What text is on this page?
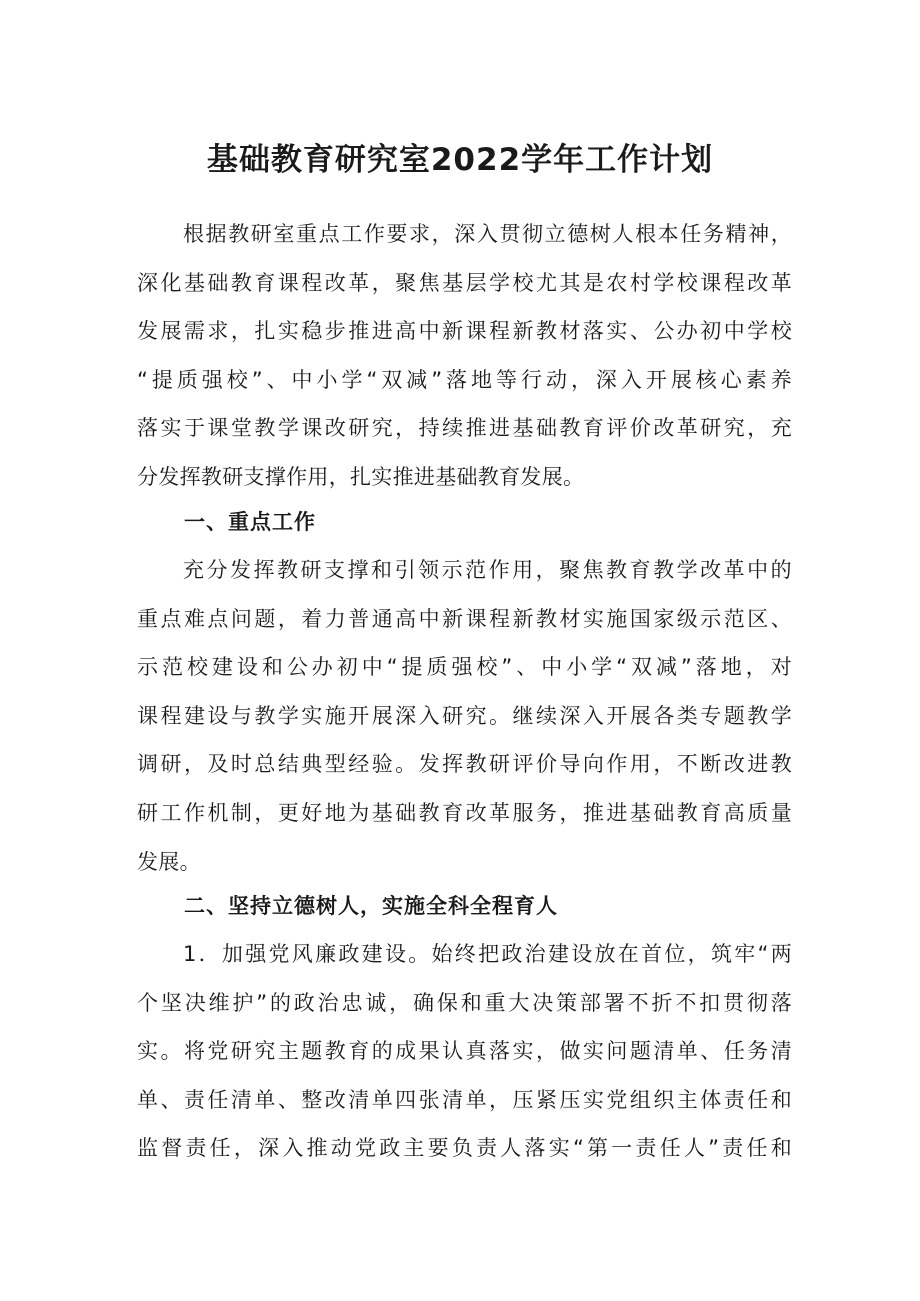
基础教育研究室2022学年工作计划
根据教研室重点工作要求，深入贯彻立德树人根本任务精神，
深化基础教育课程改革，聚焦基层学校尤其是农村学校课程改革
发展需求，扎实稳步推进高中新课程新教材落实、公办初中学校
“提质强校”、中小学“双减”落地等行动，深入开展核心素养
落实于课堂教学课改研究，持续推进基础教育评价改革研究，充
分发挥教研支撑作用，扎实推进基础教育发展。
一、重点工作
充分发挥教研支撑和引领示范作用，聚焦教育教学改革中的
重点难点问题，着力普通高中新课程新教材实施国家级示范区、
示范校建设和公办初中“提质强校”、中小学“双减”落地，对
课程建设与教学实施开展深入研究。继续深入开展各类专题教学
调研，及时总结典型经验。发挥教研评价导向作用，不断改进教
研工作机制，更好地为基础教育改革服务，推进基础教育高质量
发展。
二、坚持立德树人，实施全科全程育人
1．加强党风廉政建设。始终把政治建设放在首位，筑牢“两
个坚决维护”的政治忠诚，确保和重大决策部署不折不扣贯彻落
实。将党研究主题教育的成果认真落实，做实问题清单、任务清
单、责任清单、整改清单四张清单，压紧压实党组织主体责任和
监督责任，深入推动党政主要负责人落实“第一责任人”责任和
